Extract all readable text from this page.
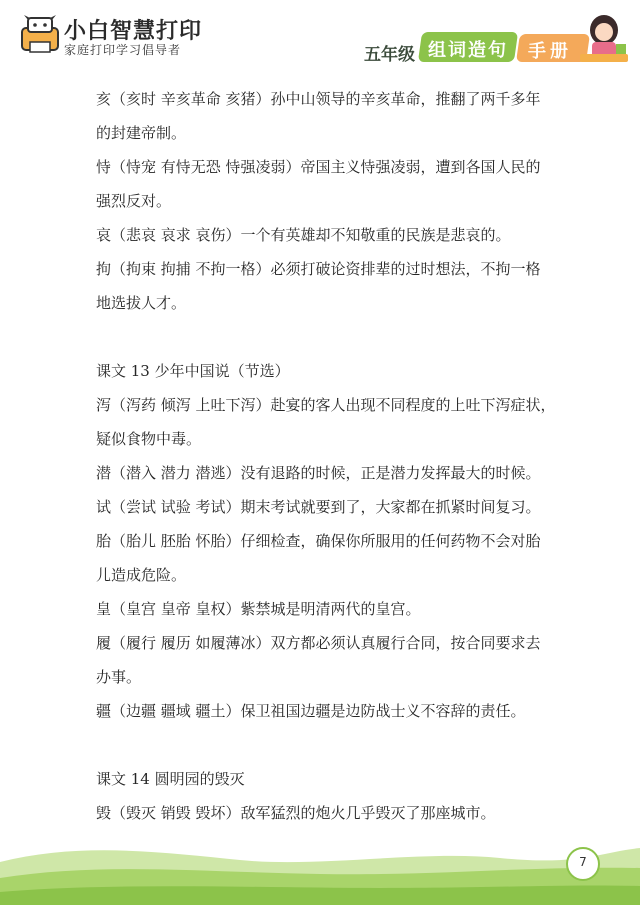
小白智慧打印
家庭打印学习倡导者	五年级 组词造句 手册
亥（亥时 辛亥革命 亥猪）孙中山领导的辛亥革命，推翻了两千多年
的封建帝制。
恃（恃宠 有恃无恐 恃强凌弱）帝国主义恃强凌弱，遭到各国人民的
强烈反对。
哀（悲哀 哀求 哀伤）一个有英雄却不知敬重的民族是悲哀的。
拘（拘束 拘捕 不拘一格）必须打破论资排辈的过时想法，不拘一格
地选拔人才。
课文 13 少年中国说（节选）
泻（泻药 倾泻 上吐下泻）赴宴的客人出现不同程度的上吐下泻症状，
疑似食物中毒。
潜（潜入 潜力 潜逃）没有退路的时候，正是潜力发挥最大的时候。
试（尝试 试验 考试）期末考试就要到了，大家都在抓紧时间复习。
胎（胎儿 胚胎 怀胎）仔细检查，确保你所服用的任何药物不会对胎
儿造成危险。
皇（皇宫 皇帝 皇权）紫禁城是明清两代的皇宫。
履（履行 履历 如履薄冰）双方都必须认真履行合同，按合同要求去
办事。
疆（边疆 疆域 疆土）保卫祖国边疆是边防战士义不容辞的责任。
课文 14 圆明园的毁灭
毁（毁灭 销毁 毁坏）敌军猛烈的炮火几乎毁灭了那座城市。
7
